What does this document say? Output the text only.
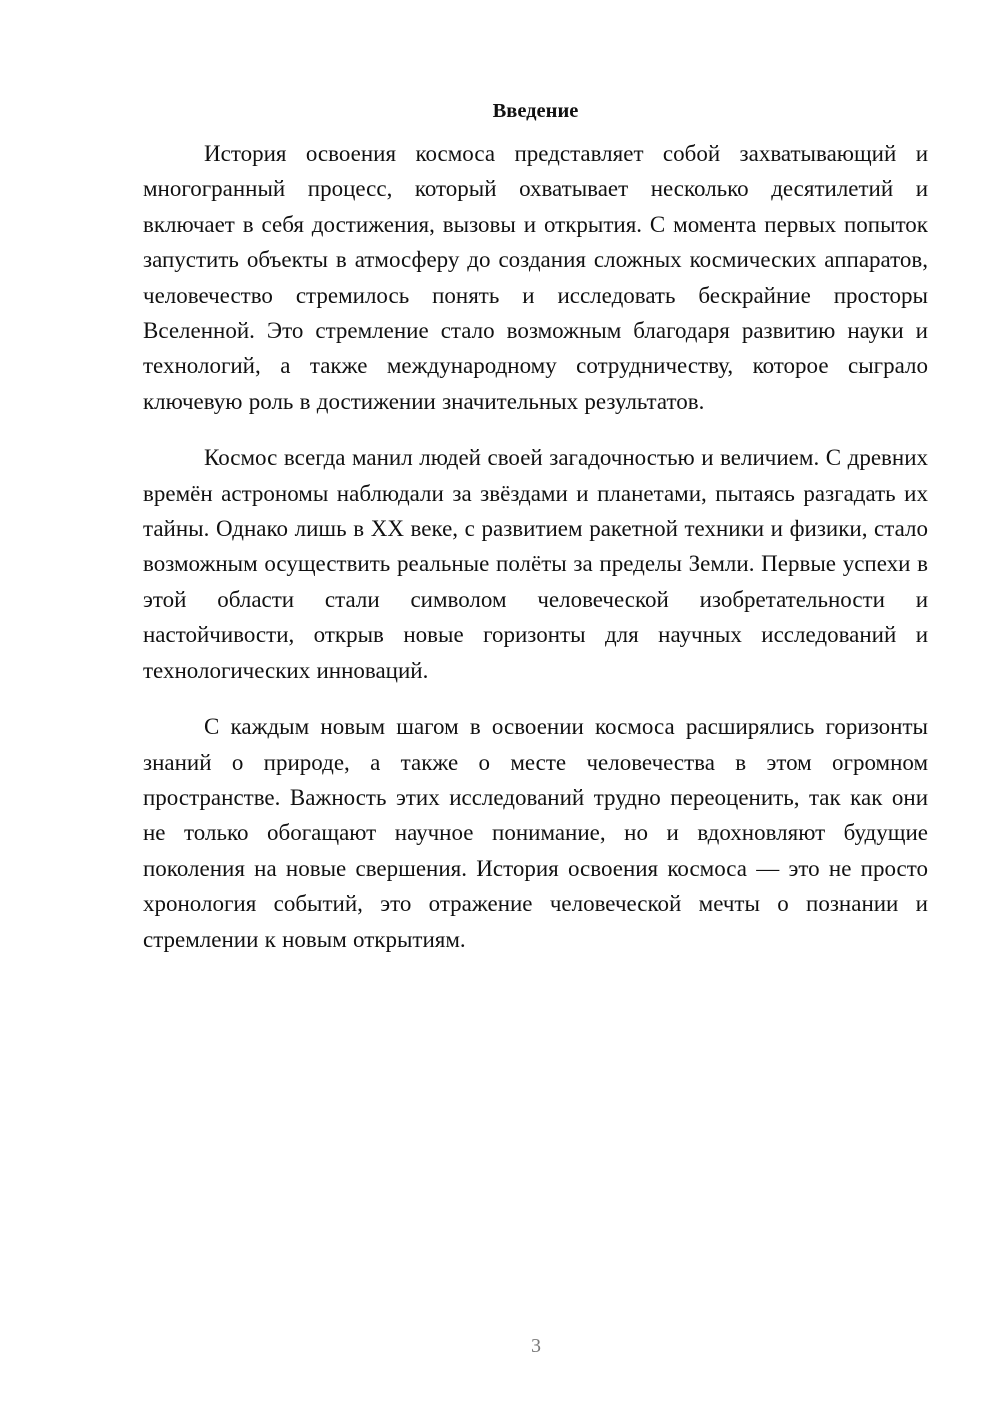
Введение

История освоения космоса представляет собой захватывающий и многогранный процесс, который охватывает несколько десятилетий и включает в себя достижения, вызовы и открытия. С момента первых попыток запустить объекты в атмосферу до создания сложных космических аппаратов, человечество стремилось понять и исследовать бескрайние просторы Вселенной. Это стремление стало возможным благодаря развитию науки и технологий, а также международному сотрудничеству, которое сыграло ключевую роль в достижении значительных результатов.

Космос всегда манил людей своей загадочностью и величием. С древних времён астрономы наблюдали за звёздами и планетами, пытаясь разгадать их тайны. Однако лишь в XX веке, с развитием ракетной техники и физики, стало возможным осуществить реальные полёты за пределы Земли. Первые успехи в этой области стали символом человеческой изобретательности и настойчивости, открыв новые горизонты для научных исследований и технологических инноваций.

С каждым новым шагом в освоении космоса расширялись горизонты знаний о природе, а также о месте человечества в этом огромном пространстве. Важность этих исследований трудно переоценить, так как они не только обогащают научное понимание, но и вдохновляют будущие поколения на новые свершения. История освоения космоса — это не просто хронология событий, это отражение человеческой мечты о познании и стремлении к новым открытиям.

3
